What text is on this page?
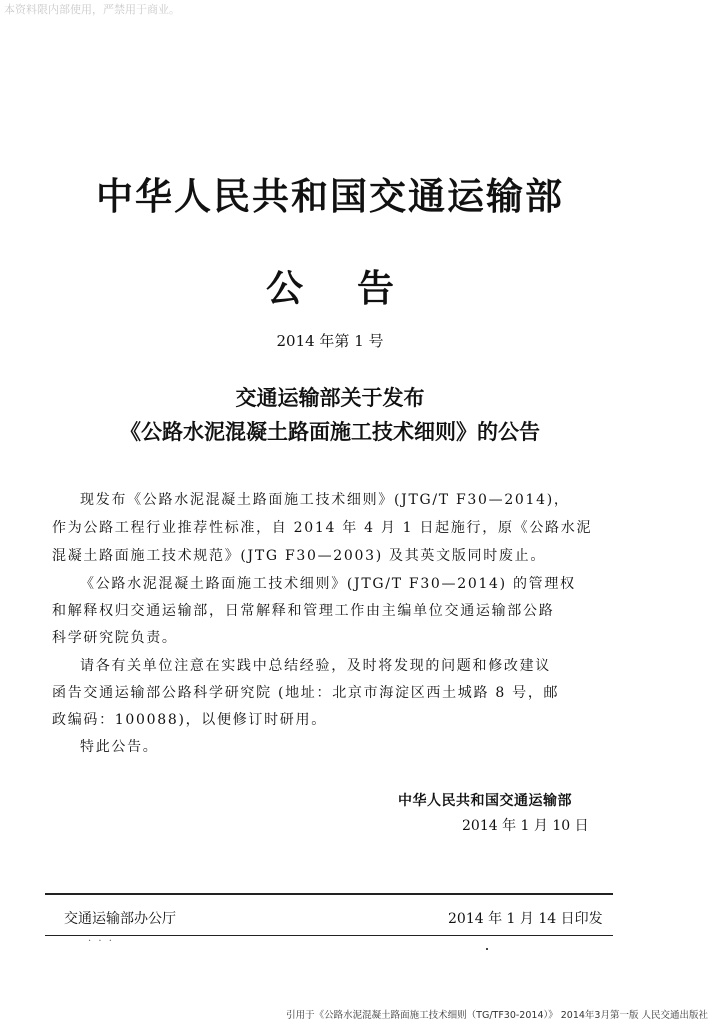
本资料限内部使用，严禁用于商业。
中华人民共和国交通运输部
公告
2014 年第 1 号
交通运输部关于发布
《公路水泥混凝土路面施工技术细则》的公告
现发布《公路水泥混凝土路面施工技术细则》(JTG/T F30—2014)，
作为公路工程行业推荐性标准，自 2014 年 4 月 1 日起施行，原《公路水泥
混凝土路面施工技术规范》(JTG F30—2003) 及其英文版同时废止。
《公路水泥混凝土路面施工技术细则》(JTG/T F30—2014) 的管理权
和解释权归交通运输部，日常解释和管理工作由主编单位交通运输部公路
科学研究院负责。
请各有关单位注意在实践中总结经验，及时将发现的问题和修改建议
函告交通运输部公路科学研究院 (地址：北京市海淀区西土城路 8 号，邮
政编码：100088)，以便修订时研用。
特此公告。
中华人民共和国交通运输部
2014 年 1 月 10 日
交通运输部办公厅	2014 年 1 月 14 日印发
· · ·
引用于《公路水泥混凝土路面施工技术细则（TG/TF30-2014）》 2014年3月第一版 人民交通出版社
